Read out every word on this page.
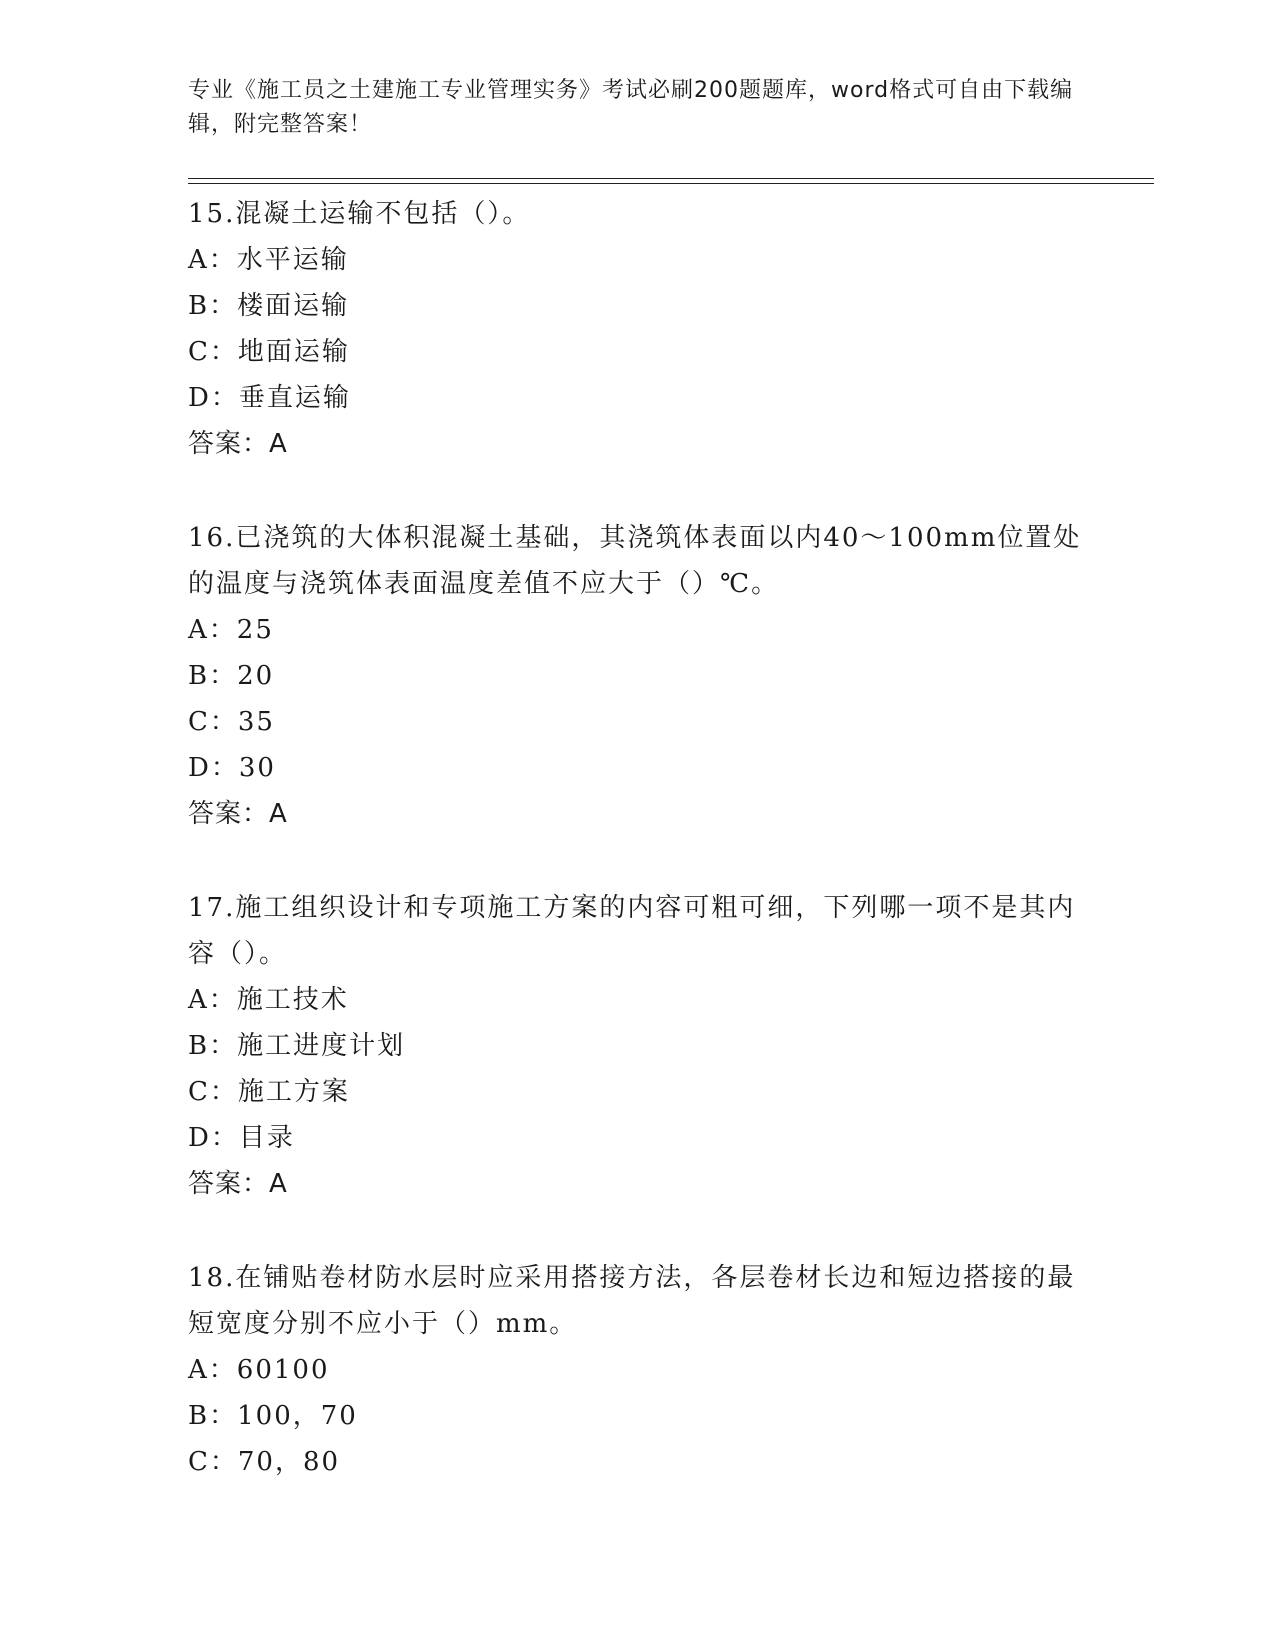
专业《施工员之土建施工专业管理实务》考试必刷200题题库，word格式可自由下载编辑，附完整答案！
15.混凝土运输不包括（）。
A：水平运输
B：楼面运输
C：地面运输
D：垂直运输
答案：A
16.已浇筑的大体积混凝土基础，其浇筑体表面以内40～100mm位置处的温度与浇筑体表面温度差值不应大于（）℃。
A：25
B：20
C：35
D：30
答案：A
17.施工组织设计和专项施工方案的内容可粗可细，下列哪一项不是其内容（）。
A：施工技术
B：施工进度计划
C：施工方案
D：目录
答案：A
18.在铺贴卷材防水层时应采用搭接方法，各层卷材长边和短边搭接的最短宽度分别不应小于（）mm。
A：60100
B：100，70
C：70，80
